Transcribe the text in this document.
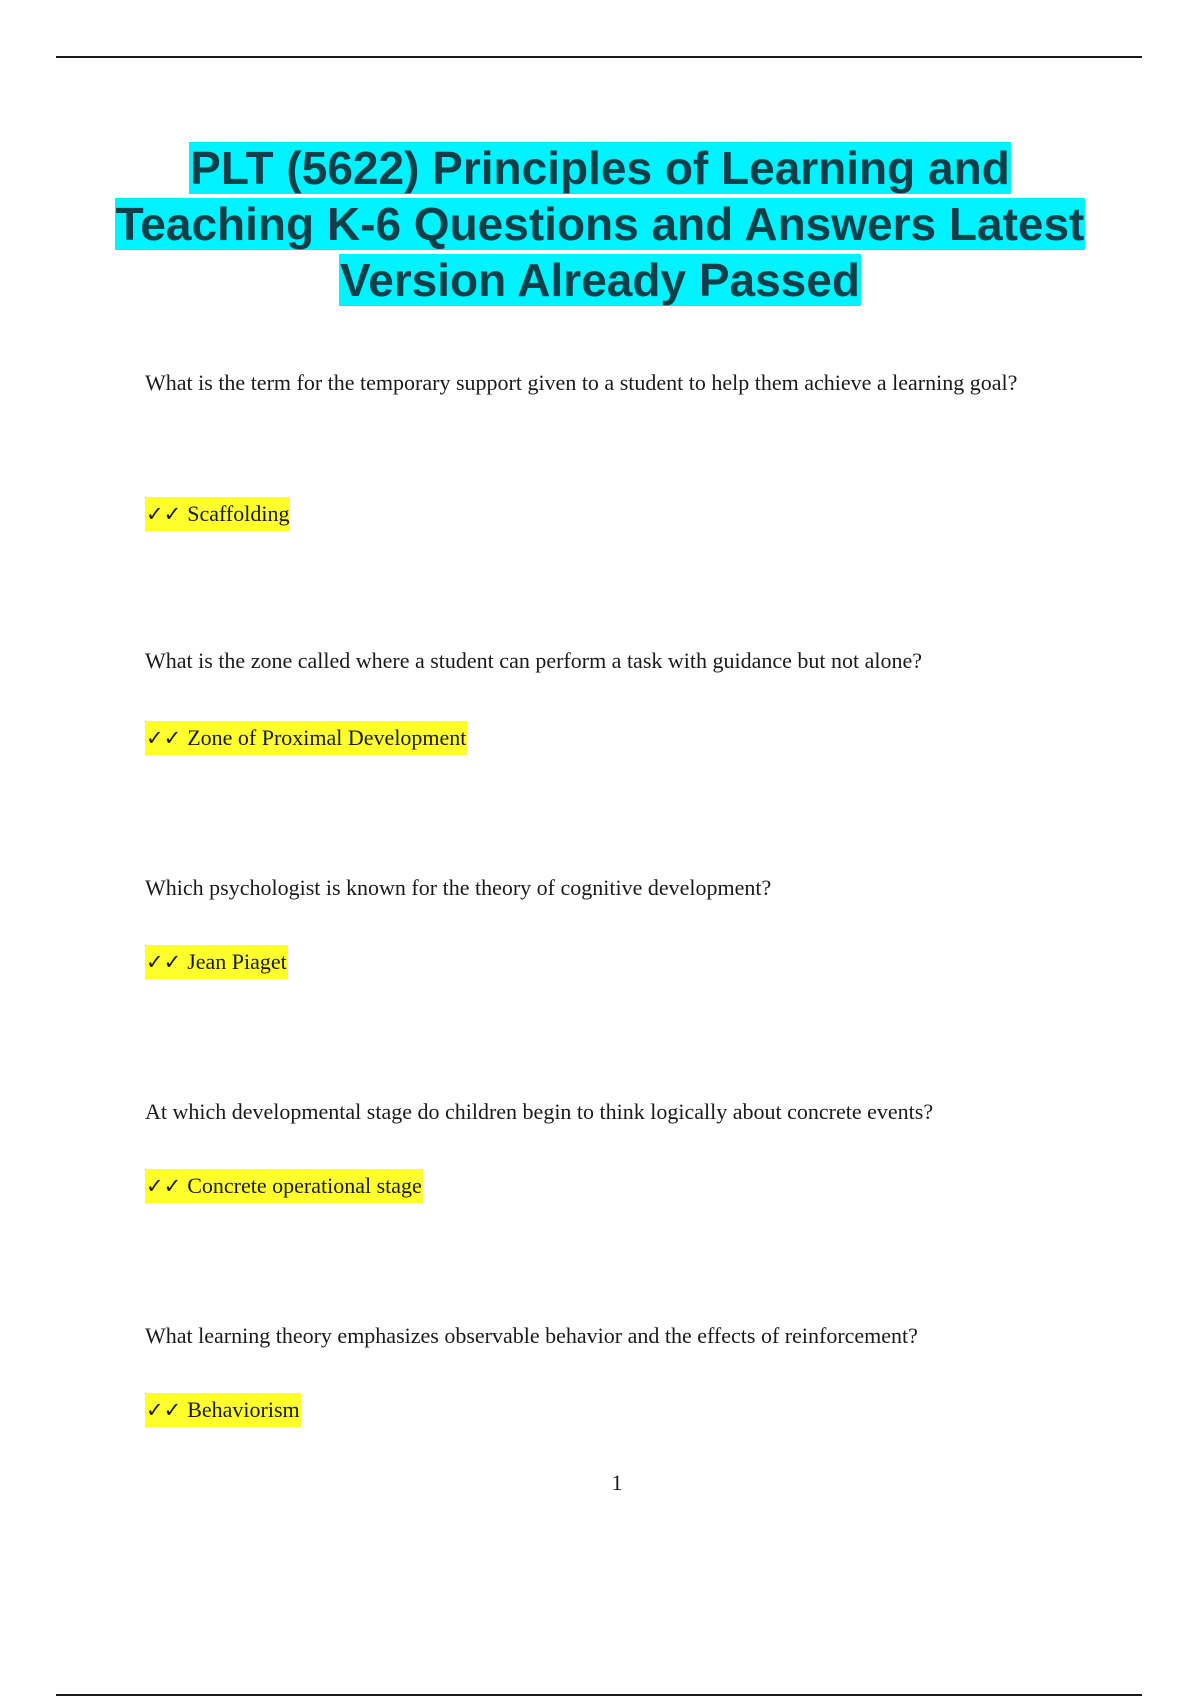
PLT (5622) Principles of Learning and Teaching K-6 Questions and Answers Latest Version Already Passed

What is the term for the temporary support given to a student to help them achieve a learning goal?

✓✓ Scaffolding

What is the zone called where a student can perform a task with guidance but not alone?

✓✓ Zone of Proximal Development

Which psychologist is known for the theory of cognitive development?

✓✓ Jean Piaget

At which developmental stage do children begin to think logically about concrete events?

✓✓ Concrete operational stage

What learning theory emphasizes observable behavior and the effects of reinforcement?

✓✓ Behaviorism
1
